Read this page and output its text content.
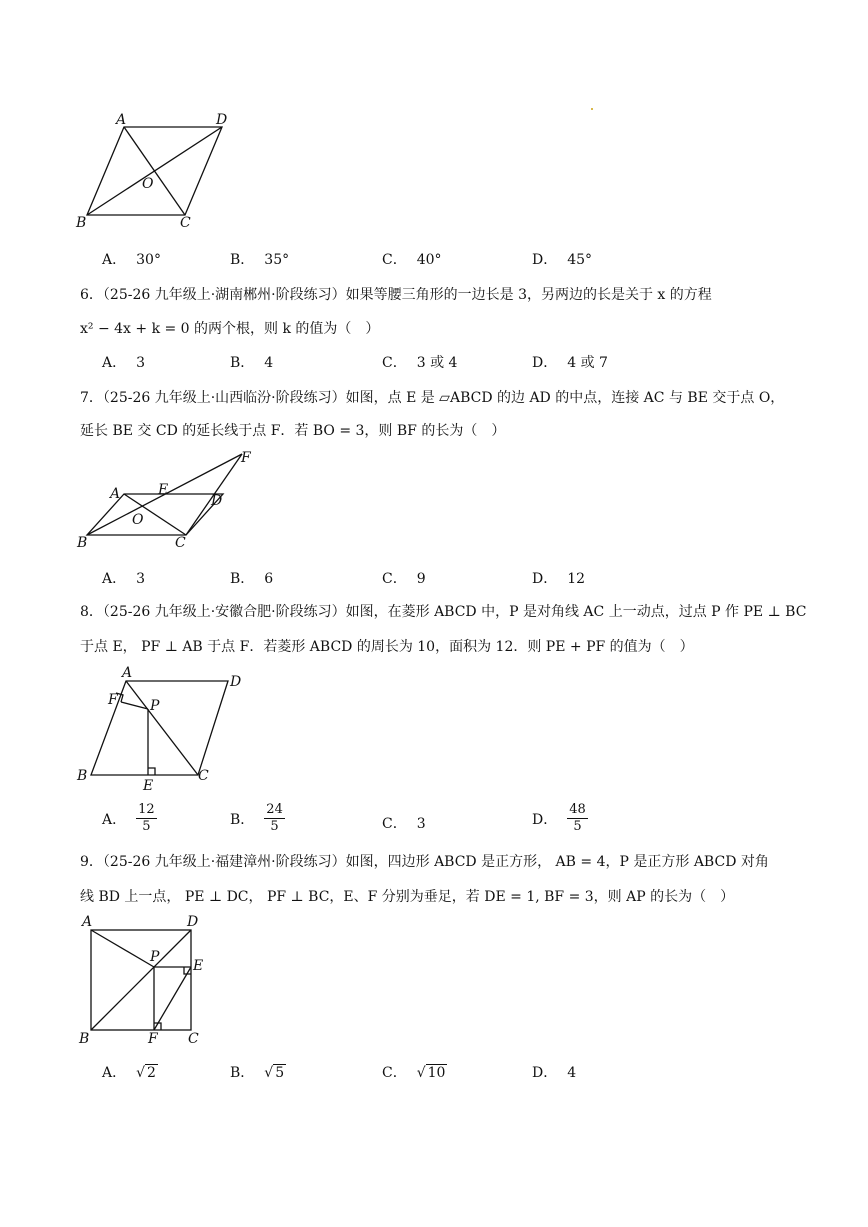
A	D
B	C
O
A． 30°	B． 35°	C． 40°	D． 45°
6．（25-26 九年级上·湖南郴州·阶段练习）如果等腰三角形的一边长是 3，另两边的长是关于 x 的方程
x² − 4x + k = 0 的两个根，则 k 的值为（　）
A． 3	B． 4	C． 3 或 4	D． 4 或 7
7．（25-26 九年级上·山西临汾·阶段练习）如图，点 E 是 ▱ABCD 的边 AD 的中点，连接 AC 与 BE 交于点 O，
延长 BE 交 CD 的延长线于点 F．若 BO = 3，则 BF 的长为（　）
A	E
D
F
O
B	C
A． 3	B． 6	C． 9	D． 12
8．（25-26 九年级上·安徽合肥·阶段练习）如图，在菱形 ABCD 中，P 是对角线 AC 上一动点，过点 P 作 PE ⊥ BC
于点 E， PF ⊥ AB 于点 F．若菱形 ABCD 的周长为 10，面积为 12．则 PE + PF 的值为（　）
A
D
F P
B	C
E
A． $\frac{12}{5}$	B． $\frac{24}{5}$	C． 3	D． $\frac{48}{5}$
9．（25-26 九年级上·福建漳州·阶段练习）如图，四边形 ABCD 是正方形， AB = 4，P 是正方形 ABCD 对角
线 BD 上一点， PE ⊥ DC， PF ⊥ BC，E、F 分别为垂足，若 DE = 1, BF = 3，则 AP 的长为（　）
A	D
P
E
B	F C
A． √ 2	B． √ 5	C． √ 10	D． 4
